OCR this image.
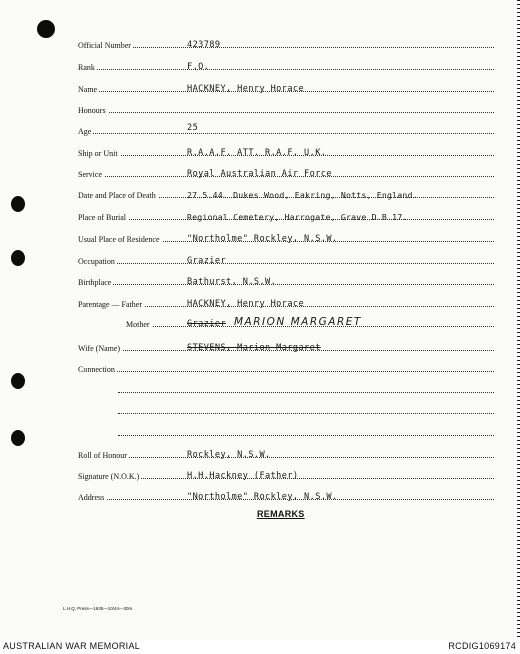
Official Number	423789
Rank	F.O.
Name	HACKNEY, Henry Horace
Honours
Age	25
Ship or Unit	R.A.A.F. ATT. R.A.F. U.K.
Service	Royal Australian Air Force
Date and Place of Death	27.5.44. Dukes Wood, Eakring, Notts, England.
Place of Burial	Regional Cemetery, Harrogate, Grave D.B.17.
Usual Place of Residence	"Northolme" Rockley, N.S.W.
Occupation	Grazier
Birthplace	Bathurst, N.S.W.
Parentage — Father	HACKNEY, Henry Horace
Mother	Grazier MARION MARGARET
Wife (Name)	STEVENS, Marion Margaret
Connection
Roll of Honour	Rockley, N.S.W.
Signature (N.O.K.)	H.H.Hackney (Father)
Address	"Northolme" Rockley, N.S.W.
REMARKS
L.H.Q. Press—1635—10/44—30m.
AUSTRALIAN WAR MEMORIAL	RCDIG1069174
